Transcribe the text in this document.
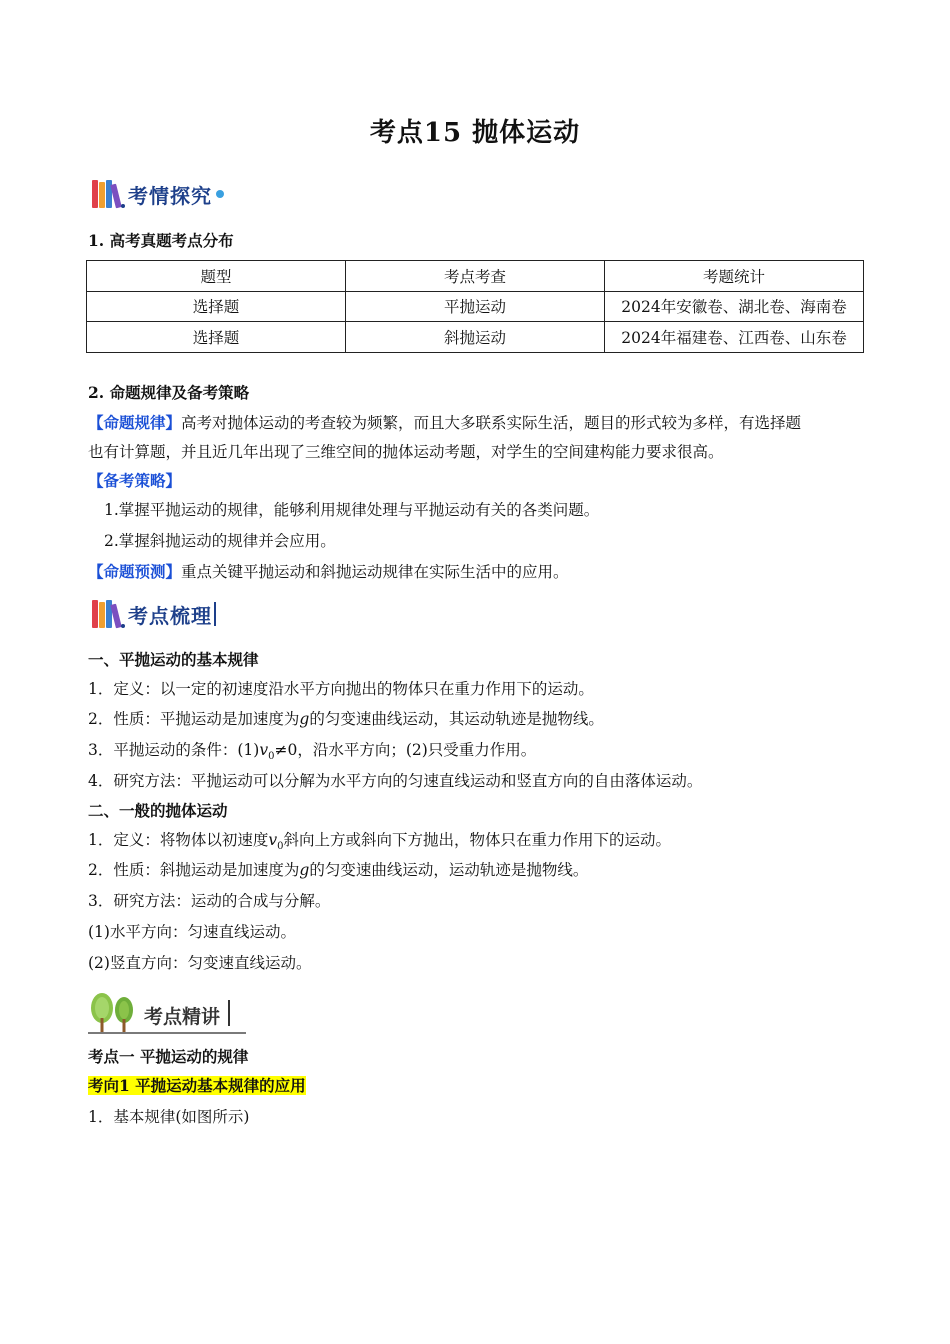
考点15 抛体运动
考情探究
1. 高考真题考点分布
题型	考点考查	考题统计
选择题	平抛运动	2024年安徽卷、湖北卷、海南卷
选择题	斜抛运动	2024年福建卷、江西卷、山东卷
2. 命题规律及备考策略
【命题规律】高考对抛体运动的考查较为频繁，而且大多联系实际生活，题目的形式较为多样，有选择题
也有计算题，并且近几年出现了三维空间的抛体运动考题，对学生的空间建构能力要求很高。
【备考策略】
1.掌握平抛运动的规律，能够利用规律处理与平抛运动有关的各类问题。
2.掌握斜抛运动的规律并会应用。
【命题预测】重点关键平抛运动和斜抛运动规律在实际生活中的应用。
考点梳理
一、平抛运动的基本规律
1．定义：以一定的初速度沿水平方向抛出的物体只在重力作用下的运动。
2．性质：平抛运动是加速度为g的匀变速曲线运动，其运动轨迹是抛物线。
3．平抛运动的条件：$(1)v_0\ne 0$，沿水平方向；(2)只受重力作用。
4．研究方法：平抛运动可以分解为水平方向的匀速直线运动和竖直方向的自由落体运动。
二、一般的抛体运动
1．定义：将物体以初速度$v_0$斜向上方或斜向下方抛出，物体只在重力作用下的运动。
2．性质：斜抛运动是加速度为g的匀变速曲线运动，运动轨迹是抛物线。
3．研究方法：运动的合成与分解。
(1)水平方向：匀速直线运动。
(2)竖直方向：匀变速直线运动。
考点精讲
考点一 平抛运动的规律
考向1 平抛运动基本规律的应用
1．基本规律(如图所示)
